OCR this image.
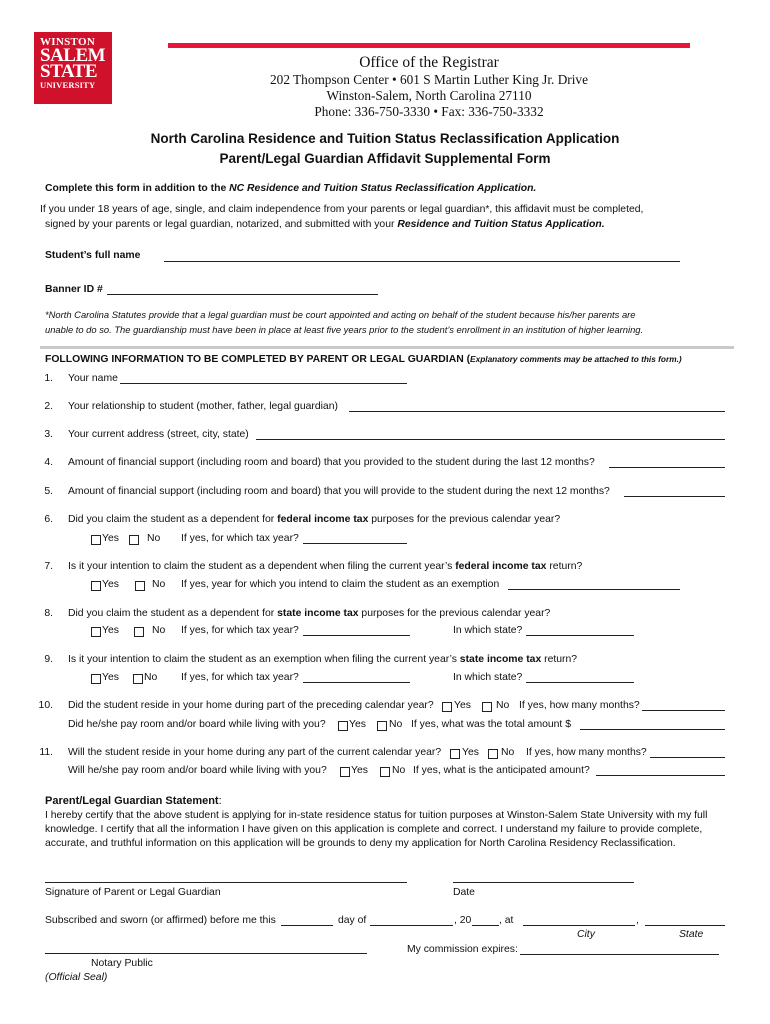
WINSTON
SALEM
STATE
UNIVERSITY
Office of the Registrar
202 Thompson Center • 601 S Martin Luther King Jr. Drive
Winston-Salem, North Carolina 27110
Phone: 336-750-3330 • Fax: 336-750-3332
North Carolina Residence and Tuition Status Reclassification Application
Parent/Legal Guardian Affidavit Supplemental Form
Complete this form in addition to the NC Residence and Tuition Status Reclassification Application.
If you under 18 years of age, single, and claim independence from your parents or legal guardian*, this affidavit must be completed,
signed by your parents or legal guardian, notarized, and submitted with your Residence and Tuition Status Application.
Student’s full name
Banner ID #
*North Carolina Statutes provide that a legal guardian must be court appointed and acting on behalf of the student because his/her parents are
unable to do so. The guardianship must have been in place at least five years prior to the student’s enrollment in an institution of higher learning.
FOLLOWING INFORMATION TO BE COMPLETED BY PARENT OR LEGAL GUARDIAN (Explanatory comments may be attached to this form.)
1. Your name
2. Your relationship to student (mother, father, legal guardian)
3. Your current address (street, city, state)
4. Amount of financial support (including room and board) that you provided to the student during the last 12 months?
5. Amount of financial support (including room and board) that you will provide to the student during the next 12 months?
6. Did you claim the student as a dependent for federal income tax purposes for the previous calendar year?
Yes	No If yes, for which tax year?
7. Is it your intention to claim the student as a dependent when filing the current year’s federal income tax return?
Yes	No If yes, year for which you intend to claim the student as an exemption
8. Did you claim the student as a dependent for state income tax purposes for the previous calendar year?
Yes	No If yes, for which tax year?	In which state?
9. Is it your intention to claim the student as an exemption when filing the current year’s state income tax return?
Yes No If yes, for which tax year?	In which state?
10. Did the student reside in your home during part of the preceding calendar year? Yes No If yes, how many months?
Did he/she pay room and/or board while living with you? Yes No If yes, what was the total amount $
11. Will the student reside in your home during any part of the current calendar year? Yes No If yes, how many months?
Will he/she pay room and/or board while living with you? Yes No If yes, what is the anticipated amount?
Parent/Legal Guardian Statement:
I hereby certify that the above student is applying for in-state residence status for tuition purposes at Winston-Salem State University with my full
knowledge. I certify that all the information I have given on this application is complete and correct. I understand my failure to provide complete,
accurate, and truthful information on this application will be grounds to deny my application for North Carolina Residency Reclassification.
Signature of Parent or Legal Guardian	Date
Subscribed and sworn (or affirmed) before me this	day of	, 20	, at	,
City	State
My commission expires:
Notary Public
(Official Seal)
